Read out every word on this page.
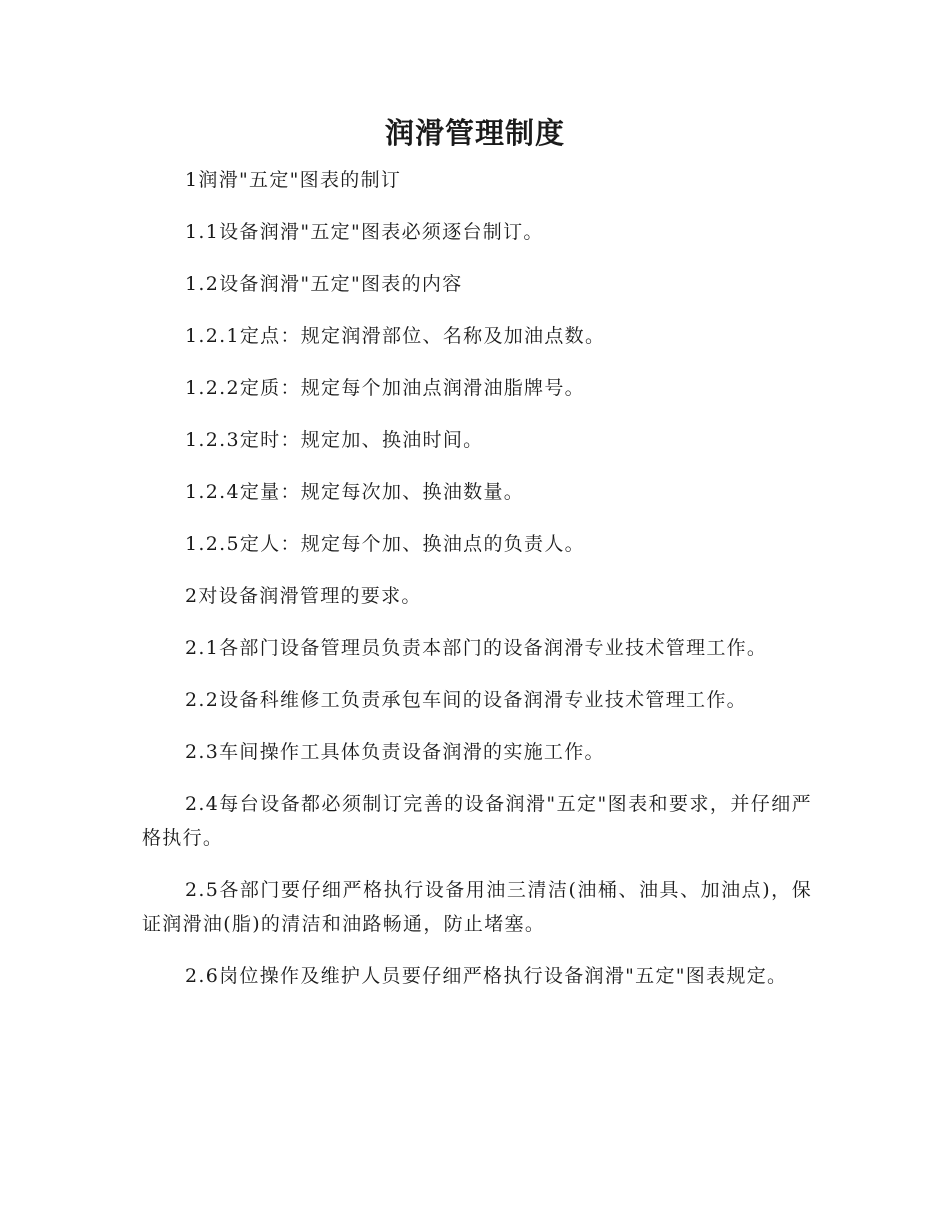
润滑管理制度

1润滑"五定"图表的制订

1.1设备润滑"五定"图表必须逐台制订。

1.2设备润滑"五定"图表的内容

1.2.1定点：规定润滑部位、名称及加油点数。

1.2.2定质：规定每个加油点润滑油脂牌号。

1.2.3定时：规定加、换油时间。

1.2.4定量：规定每次加、换油数量。

1.2.5定人：规定每个加、换油点的负责人。

2对设备润滑管理的要求。

2.1各部门设备管理员负责本部门的设备润滑专业技术管理工作。

2.2设备科维修工负责承包车间的设备润滑专业技术管理工作。

2.3车间操作工具体负责设备润滑的实施工作。

2.4每台设备都必须制订完善的设备润滑"五定"图表和要求，并仔细严格执行。

2.5各部门要仔细严格执行设备用油三清洁(油桶、油具、加油点)，保证润滑油(脂)的清洁和油路畅通，防止堵塞。

2.6岗位操作及维护人员要仔细严格执行设备润滑"五定"图表规定。
